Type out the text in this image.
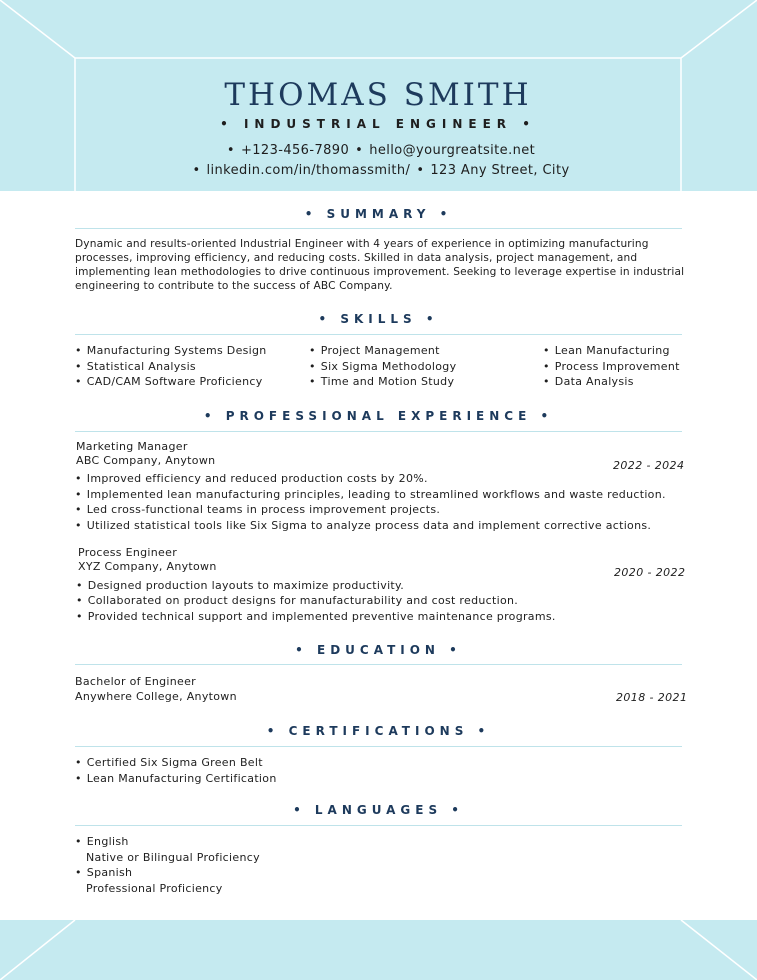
THOMAS SMITH
• INDUSTRIAL ENGINEER •
• +123-456-7890 • hello@yourgreatsite.net
• linkedin.com/in/thomassmith/ • 123 Any Street, City
• SUMMARY •
Dynamic and results-oriented Industrial Engineer with 4 years of experience in optimizing manufacturing processes, improving efficiency, and reducing costs. Skilled in data analysis, project management, and implementing lean methodologies to drive continuous improvement. Seeking to leverage expertise in industrial engineering to contribute to the success of ABC Company.
• SKILLS •
• Manufacturing Systems Design
• Statistical Analysis
• CAD/CAM Software Proficiency
• Project Management
• Six Sigma Methodology
• Time and Motion Study
• Lean Manufacturing
• Process Improvement
• Data Analysis
• PROFESSIONAL EXPERIENCE •
Marketing Manager
ABC Company, Anytown	2022 - 2024
• Improved efficiency and reduced production costs by 20%.
• Implemented lean manufacturing principles, leading to streamlined workflows and waste reduction.
• Led cross-functional teams in process improvement projects.
• Utilized statistical tools like Six Sigma to analyze process data and implement corrective actions.
Process Engineer
XYZ Company, Anytown	2020 - 2022
• Designed production layouts to maximize productivity.
• Collaborated on product designs for manufacturability and cost reduction.
• Provided technical support and implemented preventive maintenance programs.
• EDUCATION •
Bachelor of Engineer
Anywhere College, Anytown	2018 - 2021
• CERTIFICATIONS •
• Certified Six Sigma Green Belt
• Lean Manufacturing Certification
• LANGUAGES •
• English
Native or Bilingual Proficiency
• Spanish
Professional Proficiency
